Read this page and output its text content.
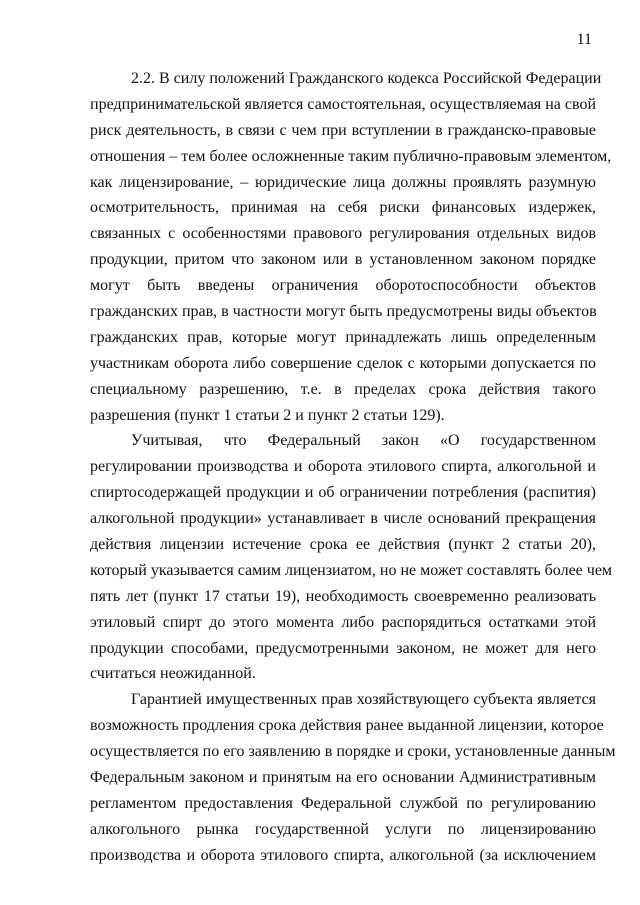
11
2.2. В силу положений Гражданского кодекса Российской Федерации
предпринимательской является самостоятельная, осуществляемая на свой
риск деятельность, в связи с чем при вступлении в гражданско-правовые
отношения – тем более осложненные таким публично-правовым элементом,
как лицензирование, – юридические лица должны проявлять разумную
осмотрительность, принимая на себя риски финансовых издержек,
связанных с особенностями правового регулирования отдельных видов
продукции, притом что законом или в установленном законом порядке
могут быть введены ограничения оборотоспособности объектов
гражданских прав, в частности могут быть предусмотрены виды объектов
гражданских прав, которые могут принадлежать лишь определенным
участникам оборота либо совершение сделок с которыми допускается по
специальному разрешению, т.е. в пределах срока действия такого
разрешения (пункт 1 статьи 2 и пункт 2 статьи 129).
Учитывая, что Федеральный закон «О государственном
регулировании производства и оборота этилового спирта, алкогольной и
спиртосодержащей продукции и об ограничении потребления (распития)
алкогольной продукции» устанавливает в числе оснований прекращения
действия лицензии истечение срока ее действия (пункт 2 статьи 20),
который указывается самим лицензиатом, но не может составлять более чем
пять лет (пункт 17 статьи 19), необходимость своевременно реализовать
этиловый спирт до этого момента либо распорядиться остатками этой
продукции способами, предусмотренными законом, не может для него
считаться неожиданной.
Гарантией имущественных прав хозяйствующего субъекта является
возможность продления срока действия ранее выданной лицензии, которое
осуществляется по его заявлению в порядке и сроки, установленные данным
Федеральным законом и принятым на его основании Административным
регламентом предоставления Федеральной службой по регулированию
алкогольного рынка государственной услуги по лицензированию
производства и оборота этилового спирта, алкогольной (за исключением
